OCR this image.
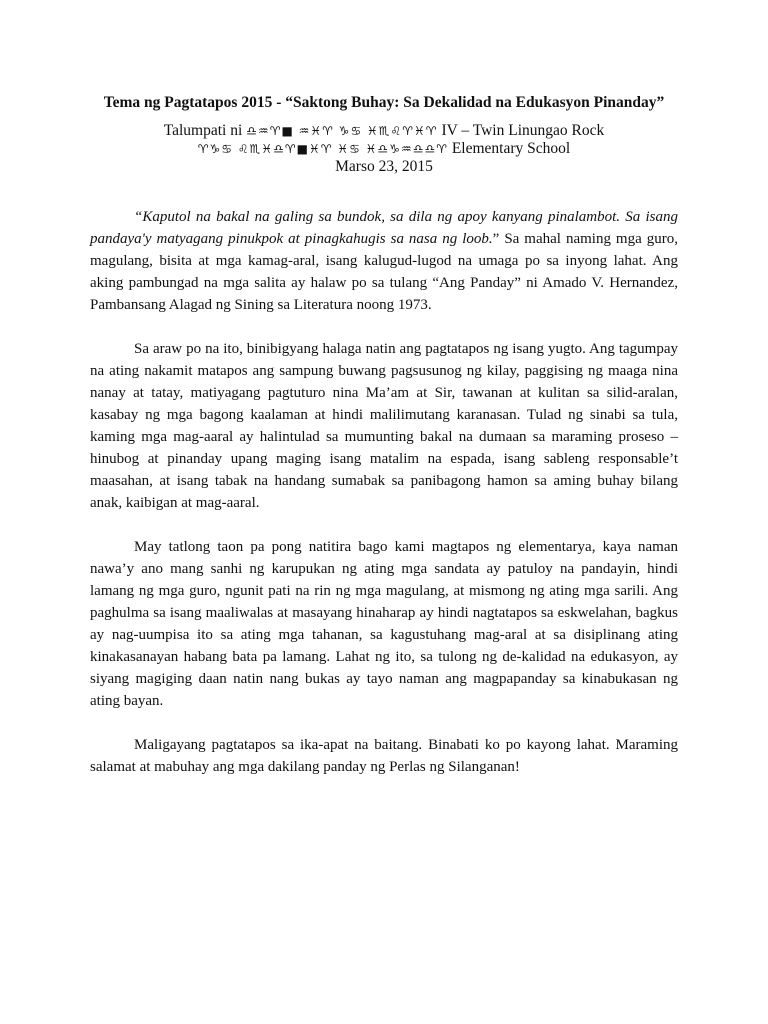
Tema ng Pagtatapos 2015 - “Saktong Buhay: Sa Dekalidad na Edukasyon Pinanday”
Talumpati ni ♎♒♈■ ♒♓♈ ♑♋ ♓♏♌♈♓♈ IV – Twin Linungao Rock
♈♑♋ ♌♏♓♎♈■♓♈ ♓♋ ♓♎♑♒♎♎♈ Elementary School
Marso 23, 2015

“Kaputol na bakal na galing sa bundok, sa dila ng apoy kanyang pinalambot. Sa isang pandaya'y matyagang pinukpok at pinagkahugis sa nasa ng loob.” Sa mahal naming mga guro, magulang, bisita at mga kamag-aral, isang kalugud-lugod na umaga po sa inyong lahat. Ang aking pambungad na mga salita ay halaw po sa tulang “Ang Panday” ni Amado V. Hernandez, Pambansang Alagad ng Sining sa Literatura noong 1973.

Sa araw po na ito, binibigyang halaga natin ang pagtatapos ng isang yugto. Ang tagumpay na ating nakamit matapos ang sampung buwang pagsusunog ng kilay, paggising ng maaga nina nanay at tatay, matiyagang pagtuturo nina Ma’am at Sir, tawanan at kulitan sa silid-aralan, kasabay ng mga bagong kaalaman at hindi malilimutang karanasan. Tulad ng sinabi sa tula, kaming mga mag-aaral ay halintulad sa mumunting bakal na dumaan sa maraming proseso – hinubog at pinanday upang maging isang matalim na espada, isang sableng responsable’t maasahan, at isang tabak na handang sumabak sa panibagong hamon sa aming buhay bilang anak, kaibigan at mag-aaral.

May tatlong taon pa pong natitira bago kami magtapos ng elementarya, kaya naman nawa’y ano mang sanhi ng karupukan ng ating mga sandata ay patuloy na pandayin, hindi lamang ng mga guro, ngunit pati na rin ng mga magulang, at mismong ng ating mga sarili. Ang paghulma sa isang maaliwalas at masayang hinaharap ay hindi nagtatapos sa eskwelahan, bagkus ay nag-uumpisa ito sa ating mga tahanan, sa kagustuhang mag-aral at sa disiplinang ating kinakasanayan habang bata pa lamang. Lahat ng ito, sa tulong ng de-kalidad na edukasyon, ay siyang magiging daan natin nang bukas ay tayo naman ang magpapanday sa kinabukasan ng ating bayan.

Maligayang pagtatapos sa ika-apat na baitang. Binabati ko po kayong lahat. Maraming salamat at mabuhay ang mga dakilang panday ng Perlas ng Silanganan!
